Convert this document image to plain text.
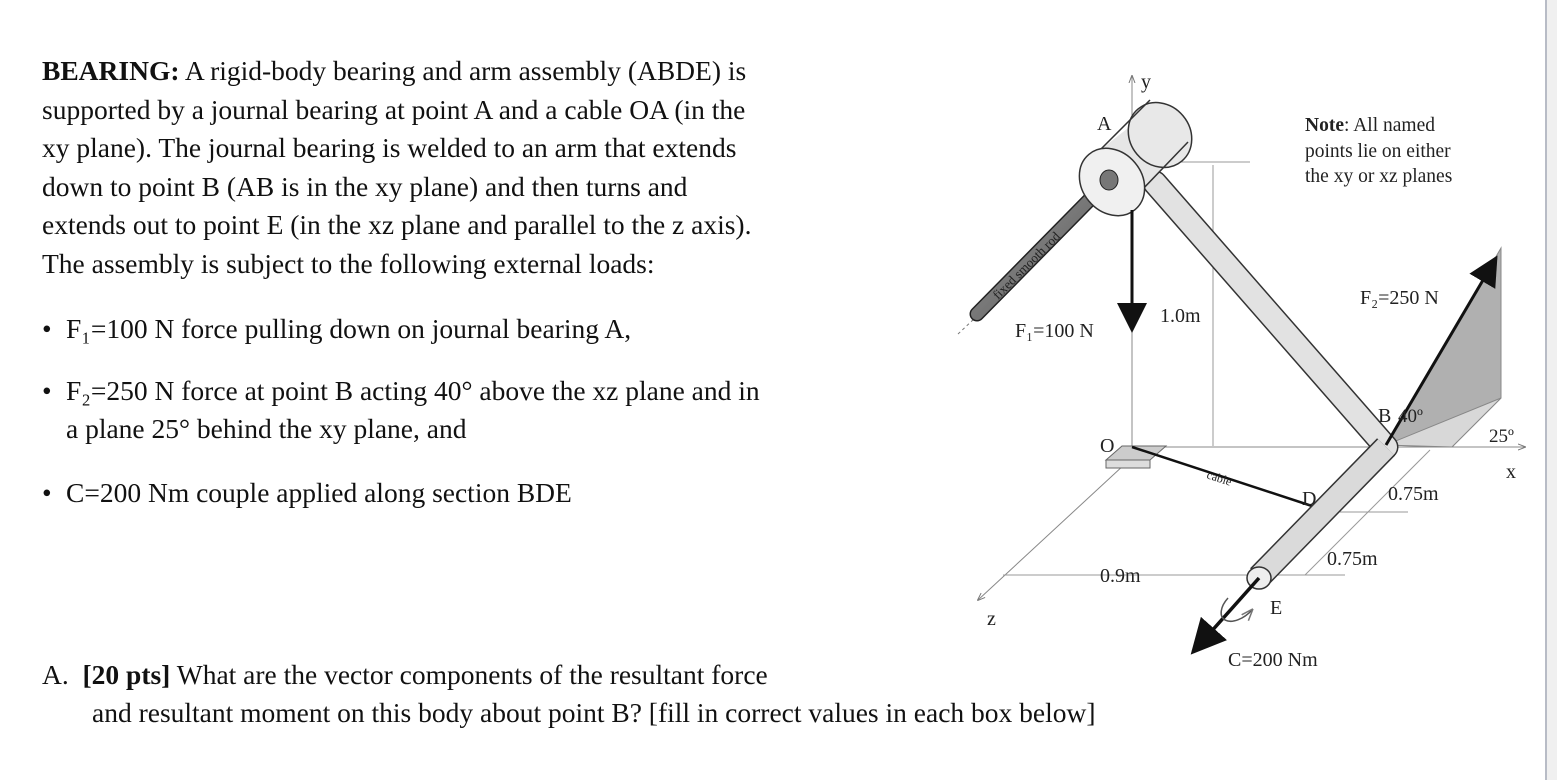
BEARING: A rigid-body bearing and arm assembly (ABDE) is
supported by a journal bearing at point A and a cable OA (in the
xy plane). The journal bearing is welded to an arm that extends
down to point B (AB is in the xy plane) and then turns and
extends out to point E (in the xz plane and parallel to the z axis).
The assembly is subject to the following external loads:
• F₁=100 N force pulling down on journal bearing A,
• F₂=250 N force at point B acting 40° above the xz plane and in
a plane 25° behind the xy plane, and
• C=200 Nm couple applied along section BDE
A. [20 pts] What are the vector components of the resultant force
and resultant moment on this body about point B? [fill in correct values in each box below]
fixed smooth rod
y
x
z
A
B
O
D
E
cable
F₁=100 N
F₂=250 N
C=200 Nm
1.0m
0.9m
0.75m
0.75m
40º
25º
Note: All named
points lie on either
the xy or xz planes
